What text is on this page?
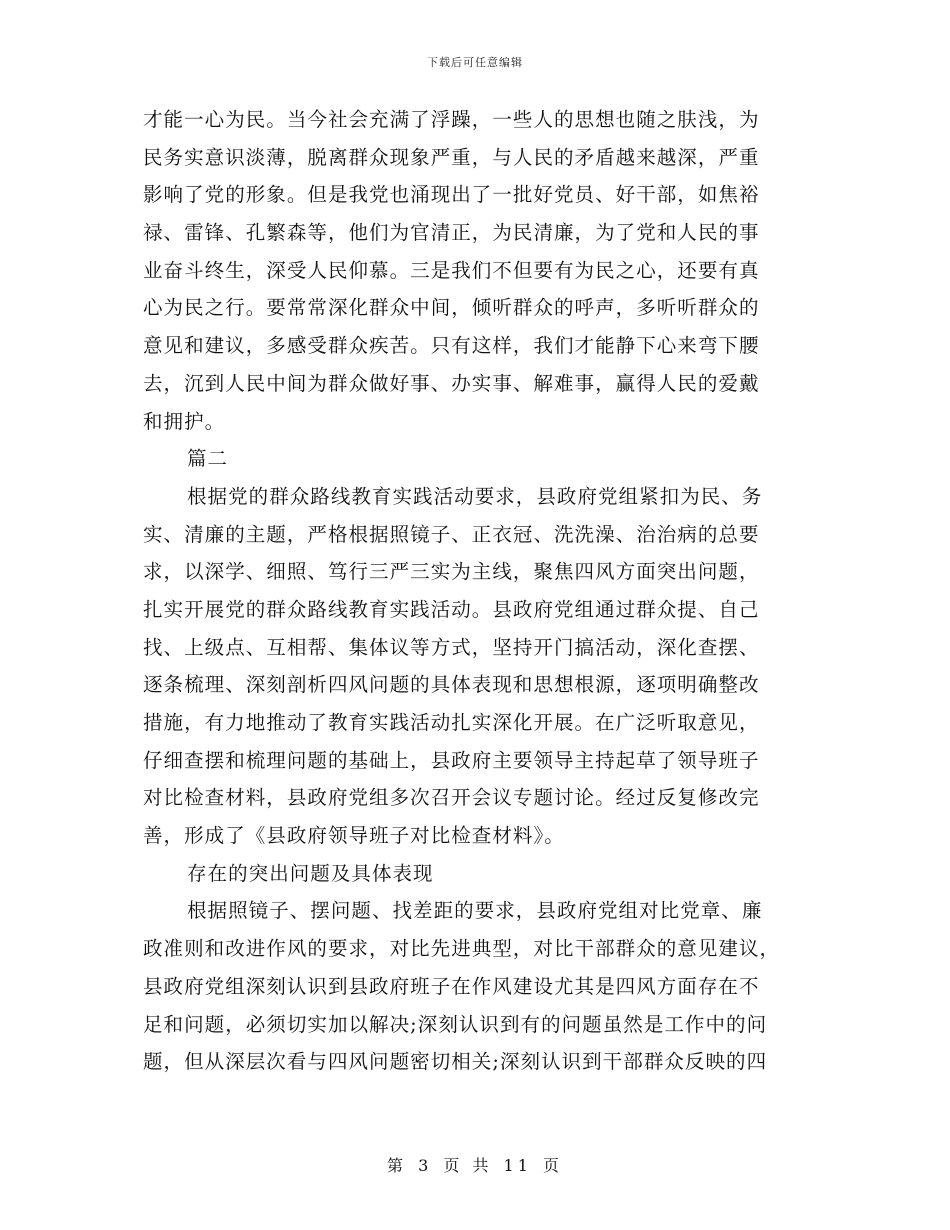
下载后可任意编辑
才能一心为民。当今社会充满了浮躁，一些人的思想也随之肤浅，为
民务实意识淡薄，脱离群众现象严重，与人民的矛盾越来越深，严重
影响了党的形象。但是我党也涌现出了一批好党员、好干部，如焦裕
禄、雷锋、孔繁森等，他们为官清正，为民清廉，为了党和人民的事
业奋斗终生，深受人民仰慕。三是我们不但要有为民之心，还要有真
心为民之行。要常常深化群众中间，倾听群众的呼声，多听听群众的
意见和建议，多感受群众疾苦。只有这样，我们才能静下心来弯下腰
去，沉到人民中间为群众做好事、办实事、解难事，赢得人民的爱戴
和拥护。
篇二
根据党的群众路线教育实践活动要求，县政府党组紧扣为民、务
实、清廉的主题，严格根据照镜子、正衣冠、洗洗澡、治治病的总要
求，以深学、细照、笃行三严三实为主线，聚焦四风方面突出问题，
扎实开展党的群众路线教育实践活动。县政府党组通过群众提、自己
找、上级点、互相帮、集体议等方式，坚持开门搞活动，深化查摆、
逐条梳理、深刻剖析四风问题的具体表现和思想根源，逐项明确整改
措施，有力地推动了教育实践活动扎实深化开展。在广泛听取意见，
仔细查摆和梳理问题的基础上，县政府主要领导主持起草了领导班子
对比检查材料，县政府党组多次召开会议专题讨论。经过反复修改完
善，形成了《县政府领导班子对比检查材料》。
存在的突出问题及具体表现
根据照镜子、摆问题、找差距的要求，县政府党组对比党章、廉
政准则和改进作风的要求，对比先进典型，对比干部群众的意见建议，
县政府党组深刻认识到县政府班子在作风建设尤其是四风方面存在不
足和问题，必须切实加以解决;深刻认识到有的问题虽然是工作中的问
题，但从深层次看与四风问题密切相关;深刻认识到干部群众反映的四
第 3 页 共 11 页
